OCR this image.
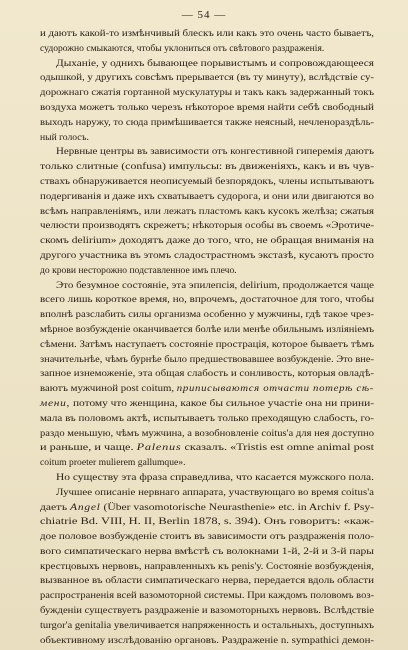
— 54 —
и даютъ какой-то измѣнчивый блескъ или какъ это очень часто бываетъ,
судорожно смыкаются, чтобы уклониться отъ свѣтового раздраженія.
Дыханіе, у однихъ бывающее порывистымъ и сопровождающееся
одышкой, у другихъ совсѣмъ прерывается (въ ту минуту), вслѣдствіе су-
дорожнаго сжатія гортанной мускулатуры и такъ какъ задержанный токъ
воздуха можетъ только черезъ нѣкоторое время найти себѣ свободный
выходъ наружу, то сюда примѣшивается также неясный, нечленораздѣль-
ный голосъ.
Нервные центры въ зависимости отъ конгестивной гиперемія даютъ
только слитные (confusa) импульсы: въ движеніяхъ, какъ и въ чув-
ствахъ обнаруживается неописуемый безпорядокъ, члены испытываютъ
подергиванія и даже ихъ схватываетъ судорога, и они или двигаются во
всѣмъ направленіямъ, или лежатъ пластомъ какъ кусокъ желѣза; сжатыя
челюсти производятъ скрежетъ; нѣкоторыя особы въ своемъ «Эротиче-
скомъ delirium» доходятъ даже до того, что, не обращая вниманія на
другого участника въ этомъ сладострастномъ экстазѣ, кусаютъ просто
до крови несторожно подставленное имъ плечо.
Это безумное состояніе, эта эпилепсія, delirium, продолжается чаще
всего лишь короткое время, но, впрочемъ, достаточное для того, чтобы
вполнѣ разслабить силы организма особенно у мужчины, гдѣ такое чрез-
мѣрное возбужденіе оканчивается болѣе или менѣе обильнымъ изліяніемъ
сѣмени. Затѣмъ наступаетъ состояніе прострація, которое бываетъ тѣмъ
значительнѣе, чѣмъ бурнѣе было предшествовавшее возбужденіе. Это вне-
запное изнеможеніе, эта общая слабость и сонливость, которыя овладѣ-
ваютъ мужчиной post coitum, приписываются отчасти потерѣ сѣ-
мени, потому что женщина, какое бы сильное участіе она ни прини-
мала въ половомъ актѣ, испытываетъ только преходящую слабость, го-
раздо меньшую, чѣмъ мужчина, а возобновленіе coitus'а для нея доступно
и раньше, и чаще. Palenus сказалъ. «Tristis est omne animal post
coitum proeter mulierem gallumque».
Но существу эта фраза справедлива, что касается мужского пола.
Лучшее описаніе нервнаго аппарата, участвующаго во время coitus'а
даетъ Angel (Über vasomotorische Neurasthenie» etc. in Archiv f. Psy-
chiatrie Bd. VIII, H. II, Berlin 1878, s. 394). Онъ говоритъ: «каж-
дое половое возбужденіе стоитъ въ зависимости отъ раздраженія поло-
вого симпатическаго нерва вмѣстѣ съ волокнами 1-й, 2-й и 3-й пары
крестцовыхъ нервовъ, направленныхъ къ penis'у. Состояніе возбужденія,
вызванное въ области симпатическаго нерва, передается вдоль области
распространенія всей вазомоторной системы. При каждомъ половомъ воз-
бужденіи существуетъ раздраженіе и вазомоторныхъ нервовъ. Вслѣдствіе
turgor'a genitalia увеличивается напряженность и остальныхъ, доступныхъ
объективному изслѣдованію органовъ. Раздраженіе n. sympathici демон-
